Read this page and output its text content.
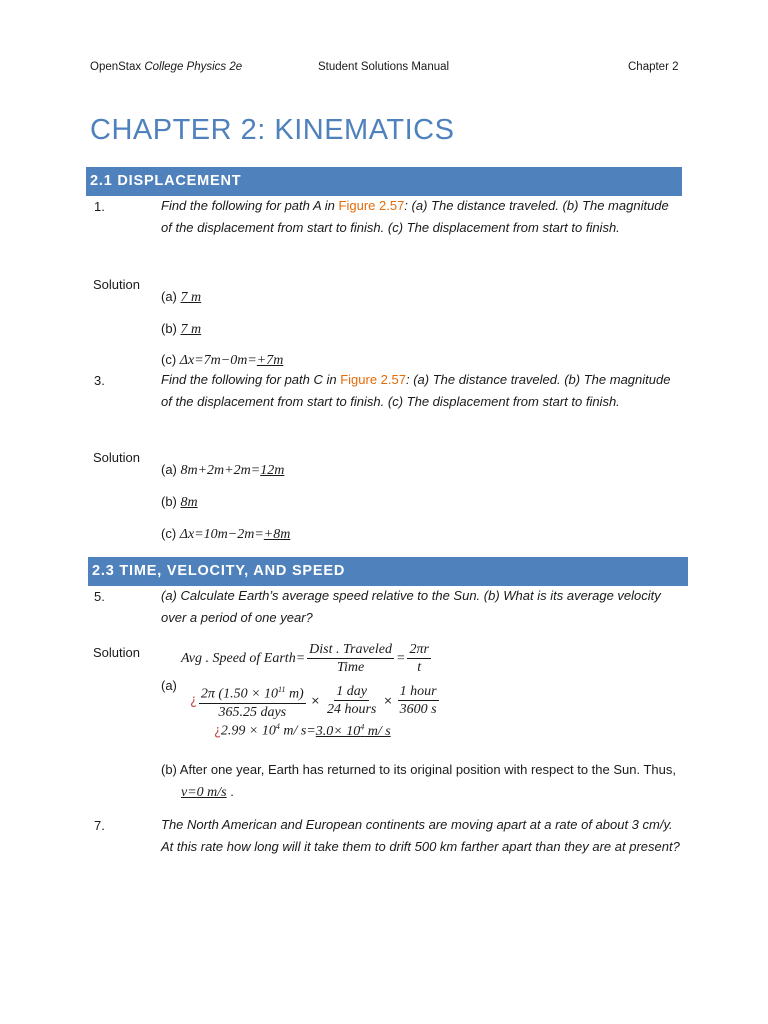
OpenStax College Physics 2e	Student Solutions Manual	Chapter 2
CHAPTER 2: KINEMATICS
2.1 DISPLACEMENT
1.	Find the following for path A in Figure 2.57: (a) The distance traveled. (b) The magnitude of the displacement from start to finish. (c) The displacement from start to finish.
Solution
(a) 7 m
(b) 7 m
(c) Δx=7m−0m=+7m
3.	Find the following for path C in Figure 2.57: (a) The distance traveled. (b) The magnitude of the displacement from start to finish. (c) The displacement from start to finish.
Solution
(a) 8m+2m+2m=12m
(b) 8m
(c) Δx=10m−2m=+8m
2.3 TIME, VELOCITY, AND SPEED
5.	(a) Calculate Earth’s average speed relative to the Sun. (b) What is its average velocity over a period of one year?
Solution	Avg . Speed of Earth= $\frac{\text{Dist . Traveled}}{\text{Time}} = \frac{2\pi r}{t}$
(a)
¿ $\frac{2\pi (1.50 \times 10^{11} m)}{\text{365.25 days}} \times \frac{\text{1 day}}{\text{24 hours}} \times \frac{\text{1 hour}}{3600 s}$
¿$2.99 \times 10^4$ m/ $s=3.0\times 10^4$ m/ s
(b) After one year, Earth has returned to its original position with respect to the Sun. Thus, v=0 m/s .
7.	The North American and European continents are moving apart at a rate of about 3 cm/y. At this rate how long will it take them to drift 500 km farther apart than they are at present?
